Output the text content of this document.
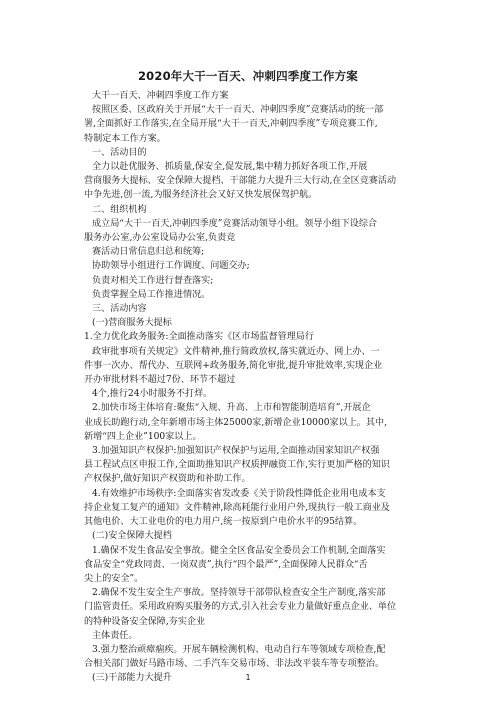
2020年大干一百天、冲刺四季度工作方案

大干一百天、冲刺四季度工作方案

按照区委、区政府关于开展“大干一百天、冲刺四季度”竞赛活动的统一部

署,全面抓好工作落实,在全局开展“大干一百天,冲刺四季度”专项竞赛工作,

特制定本工作方案。

一、活动目的

全力以赴优服务、抓质量,保安全,促发展,集中精力抓好各项工作,开展

营商服务大提标、安全保障大提档、干部能力大提升三大行动,在全区竞赛活动

中争先进,创一流,为服务经济社会又好又快发展保驾护航。

二、组织机构

成立局“大干一百天,冲刺四季度”竞赛活动领导小组。领导小组下设综合

服务办公室,办公室设局办公室,负责竞

赛活动日常信息归总和统筹;

协助领导小组进行工作调度、问题交办;

负责对相关工作进行督查落实;

负责掌握全局工作推进情况。

三、活动内容

(一)营商服务大提标

1.全力优化政务服务:全面推动落实《区市场监督管理局行

政审批事项有关规定》文件精神,推行简政放权,落实就近办、网上办、一

件事一次办、帮代办、互联网+政务服务,简化审批,提升审批效率,实现企业

开办审批材料不超过7份、环节不超过

4个,推行24小时服务不打烊。

2.加快市场主体培育:聚焦“入规、升高、上市和智能制造培育”,开展企

业成长助跑行动,全年新增市场主体25000家,新增企业10000家以上。其中,

新增“四上企业”100家以上。

3.加强知识产权保护:加强知识产权保护与运用,全面推动国家知识产权强

县工程试点区申报工作,全面助推知识产权质押融资工作,实行更加严格的知识

产权保护,做好知识产权资助和补助工作。

4.有效维护市场秩序:全面落实省发改委《关于阶段性降低企业用电成本支

持企业复工复产的通知》文件精神,除高耗能行业用户外,现执行一般工商业及

其他电价、大工业电价的电力用户,统一按原到户电价水平的95结算。

(二)安全保障大提档

1.确保不发生食品安全事故。健全全区食品安全委员会工作机制,全面落实

食品安全“党政同责、一岗双责”,执行“四个最严”,全面保障人民群众“舌

尖上的安全”。

2.确保不发生安全生产事故。坚持领导干部带队检查安全生产制度,落实部

门监管责任。采用政府购买服务的方式,引入社会专业力量做好重点企业、单位

的特种设备安全保障,夯实企业

主体责任。

3.强力整治顽瘴痼疾。开展车辆检测机构、电动自行车等领域专项检查,配

合相关部门做好马路市场、二手汽车交易市场、非法改平装车等专项整治。

(三)干部能力大提升	1
